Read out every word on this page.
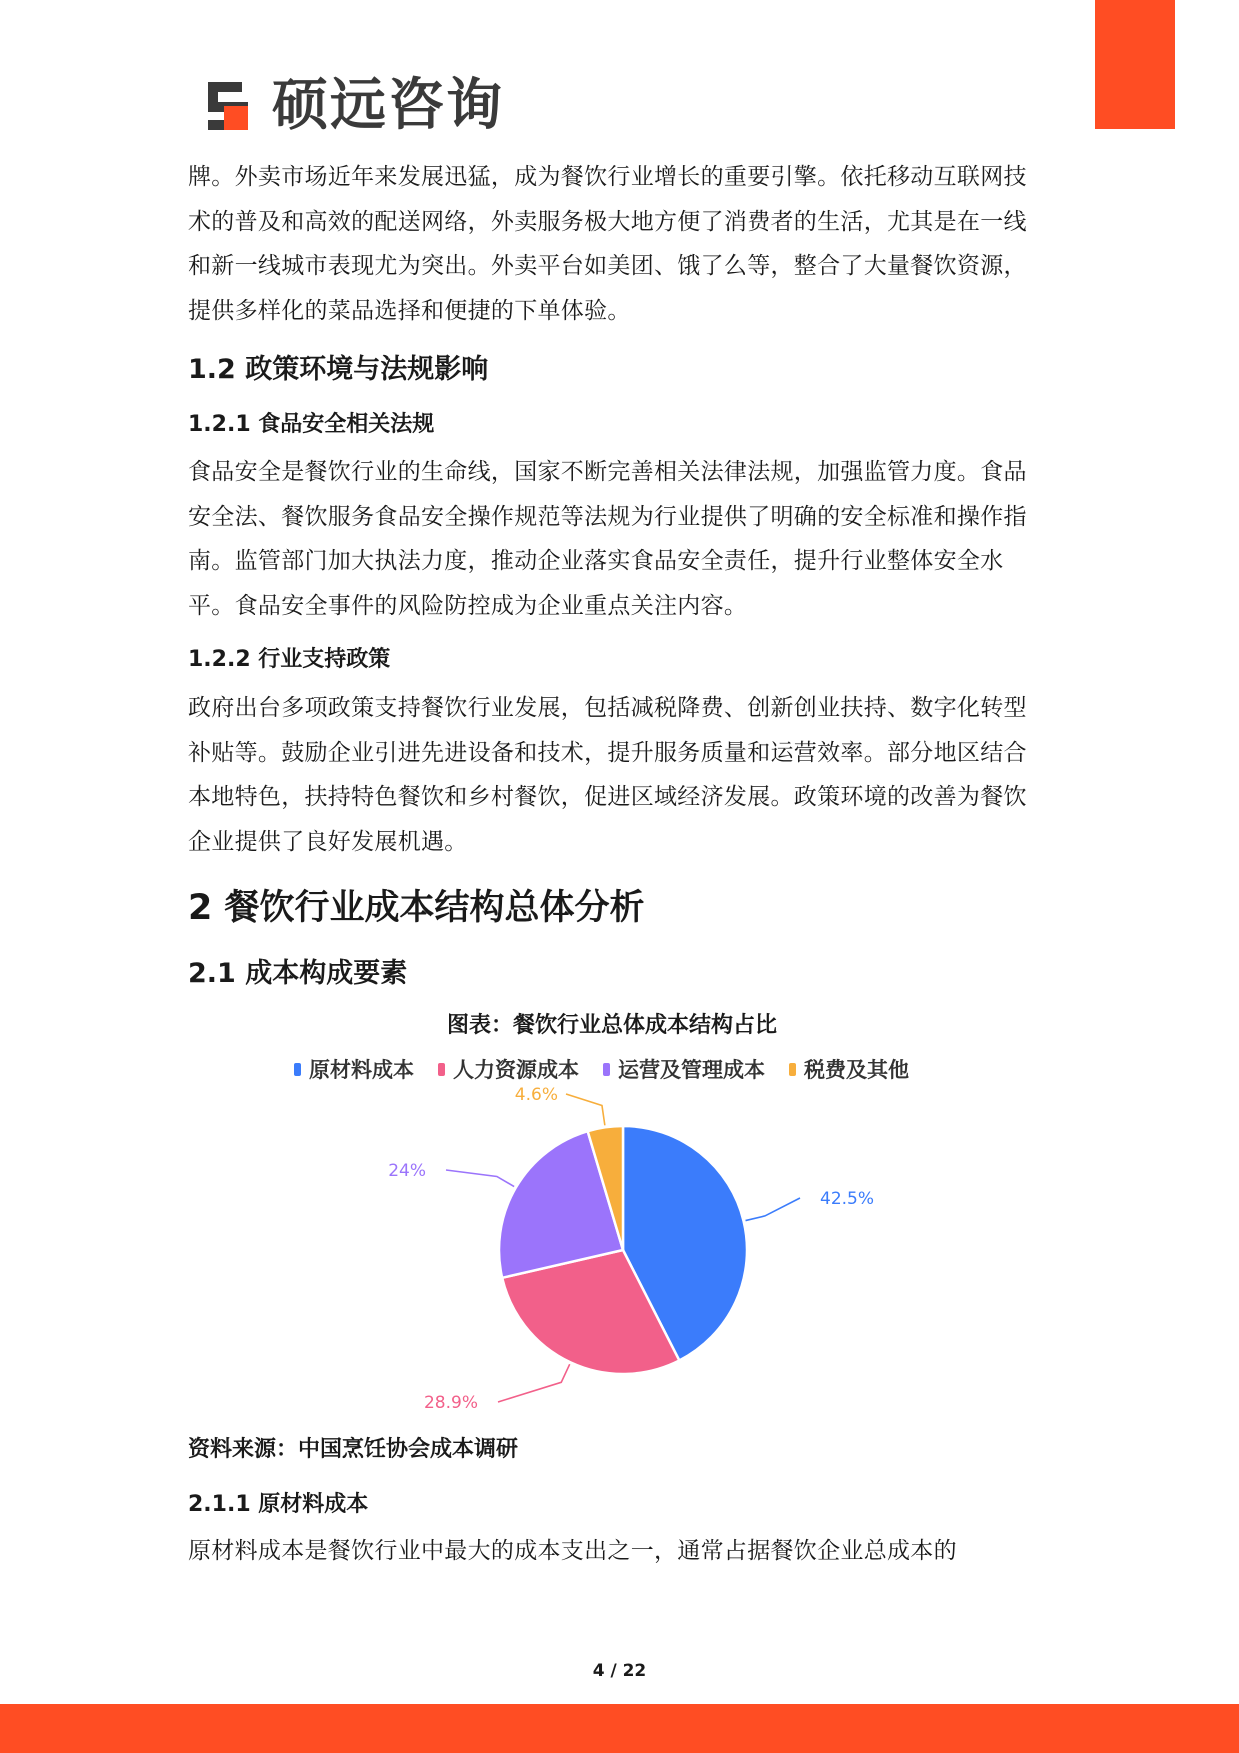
硕远咨询

牌。外卖市场近年来发展迅猛，成为餐饮行业增长的重要引擎。依托移动互联网技术的普及和高效的配送网络，外卖服务极大地方便了消费者的生活，尤其是在一线和新一线城市表现尤为突出。外卖平台如美团、饿了么等，整合了大量餐饮资源，提供多样化的菜品选择和便捷的下单体验。

1.2 政策环境与法规影响
1.2.1 食品安全相关法规

食品安全是餐饮行业的生命线，国家不断完善相关法律法规，加强监管力度。食品安全法、餐饮服务食品安全操作规范等法规为行业提供了明确的安全标准和操作指南。监管部门加大执法力度，推动企业落实食品安全责任，提升行业整体安全水平。食品安全事件的风险防控成为企业重点关注内容。

1.2.2 行业支持政策

政府出台多项政策支持餐饮行业发展，包括减税降费、创新创业扶持、数字化转型补贴等。鼓励企业引进先进设备和技术，提升服务质量和运营效率。部分地区结合本地特色，扶持特色餐饮和乡村餐饮，促进区域经济发展。政策环境的改善为餐饮企业提供了良好发展机遇。

2 餐饮行业成本结构总体分析
2.1 成本构成要素
图表：餐饮行业总体成本结构占比
原材料成本 人力资源成本 运营及管理成本 税费及其他
42.5%
28.9%
24%
4.6%
资料来源：中国烹饪协会成本调研
2.1.1 原材料成本

原材料成本是餐饮行业中最大的成本支出之一，通常占据餐饮企业总成本的

4 / 22
